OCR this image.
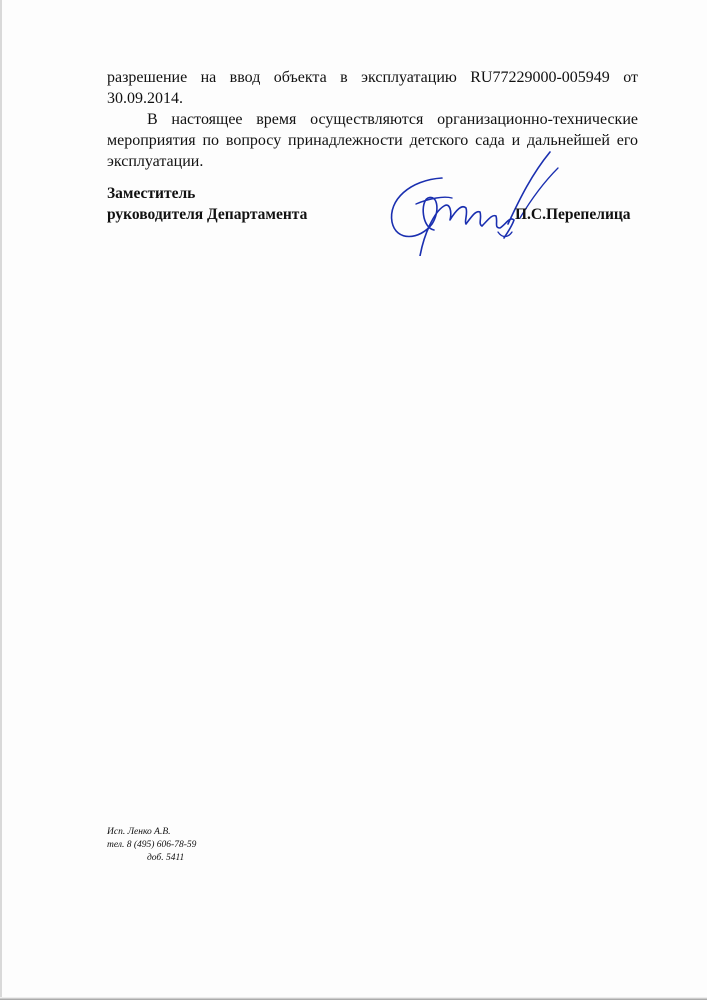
разрешение на ввод объекта в эксплуатацию RU77229000-005949 от 30.09.2014.

В настоящее время осуществляются организационно-технические мероприятия по вопросу принадлежности детского сада и дальнейшей его эксплуатации.

Заместитель
руководителя Департамента	П.С.Перепелица
Исп. Ленко А.В.
тел. 8 (495) 606-78-59
доб. 5411
